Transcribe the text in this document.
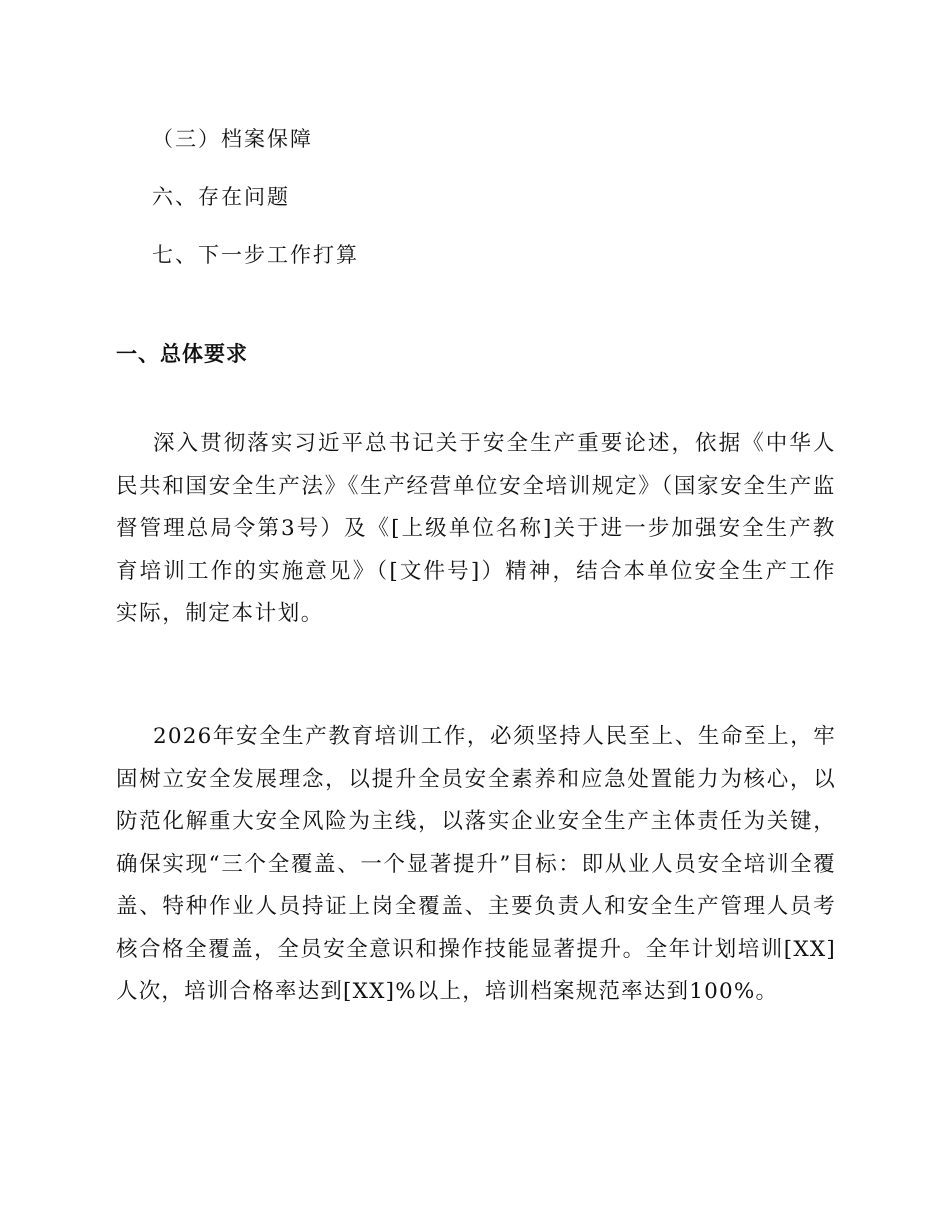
（三）档案保障
六、存在问题
七、下一步工作打算
一、总体要求

深入贯彻落实习近平总书记关于安全生产重要论述，依据《中华人民共和国安全生产法》《生产经营单位安全培训规定》（国家安全生产监督管理总局令第3号）及《[上级单位名称]关于进一步加强安全生产教育培训工作的实施意见》（[文件号]）精神，结合本单位安全生产工作实际，制定本计划。

2026年安全生产教育培训工作，必须坚持人民至上、生命至上，牢固树立安全发展理念，以提升全员安全素养和应急处置能力为核心，以防范化解重大安全风险为主线，以落实企业安全生产主体责任为关键，确保实现“三个全覆盖、一个显著提升”目标：即从业人员安全培训全覆盖、特种作业人员持证上岗全覆盖、主要负责人和安全生产管理人员考核合格全覆盖，全员安全意识和操作技能显著提升。全年计划培训[XX]人次，培训合格率达到[XX]%以上，培训档案规范率达到100%。
